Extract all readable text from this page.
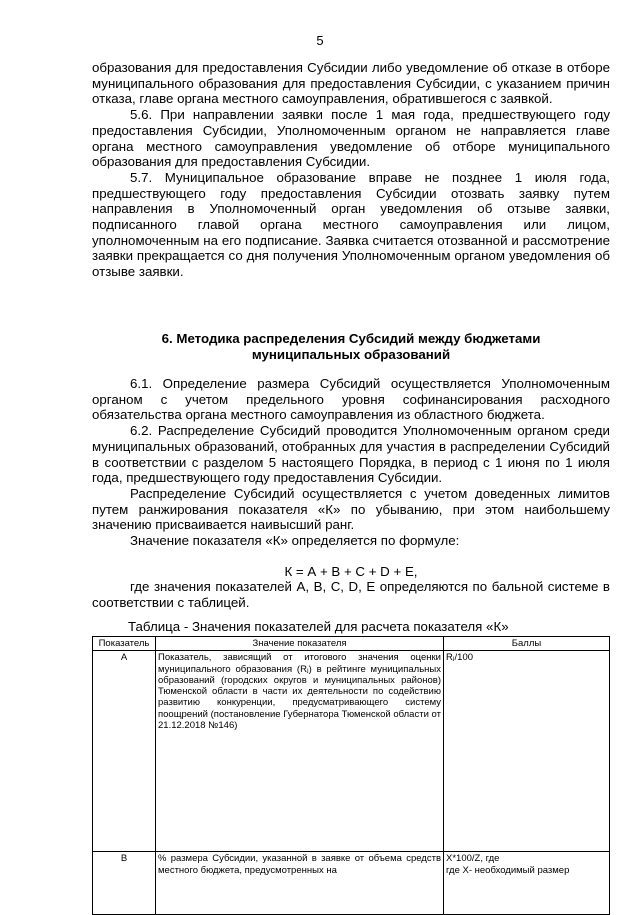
5

образования для предоставления Субсидии либо уведомление об отказе в отборе муниципального образования для предоставления Субсидии, с указанием причин отказа, главе органа местного самоуправления, обратившегося с заявкой.

5.6. При направлении заявки после 1 мая года, предшествующего году предоставления Субсидии, Уполномоченным органом не направляется главе органа местного самоуправления уведомление об отборе муниципального образования для предоставления Субсидии.

5.7. Муниципальное образование вправе не позднее 1 июля года, предшествующего году предоставления Субсидии отозвать заявку путем направления в Уполномоченный орган уведомления об отзыве заявки, подписанного главой органа местного самоуправления или лицом, уполномоченным на его подписание. Заявка считается отозванной и рассмотрение заявки прекращается со дня получения Уполномоченным органом уведомления об отзыве заявки.

6. Методика распределения Субсидий между бюджетами
муниципальных образований

6.1. Определение размера Субсидий осуществляется Уполномоченным органом с учетом предельного уровня софинансирования расходного обязательства органа местного самоуправления из областного бюджета.

6.2. Распределение Субсидий проводится Уполномоченным органом среди муниципальных образований, отобранных для участия в распределении Субсидий в соответствии с разделом 5 настоящего Порядка, в период с 1 июня по 1 июля года, предшествующего году предоставления Субсидии.

Распределение Субсидий осуществляется с учетом доведенных лимитов путем ранжирования показателя «К» по убыванию, при этом наибольшему значению присваивается наивысший ранг.

Значение показателя «К» определяется по формуле:

К = А + В + С + D + Е,

где значения показателей А, В, С, D, Е определяются по бальной системе в соответствии с таблицей.

Таблица - Значения показателей для расчета показателя «К»
Показатель	Значение показателя	Баллы
А	Показатель, зависящий от итогового значения оценки муниципального образования (Rⱼ) в рейтинге муниципальных образований (городских округов и муниципальных районов) Тюменской области в части их деятельности по содействию развитию конкуренции, предусматривающего систему поощрений (постановление Губернатора Тюменской области от 21.12.2018 №146)	Rⱼ/100
В	% размера Субсидии, указанной в заявке от объема средств местного бюджета, предусмотренных на	Х*100/Z, где
где Х- необходимый размер
